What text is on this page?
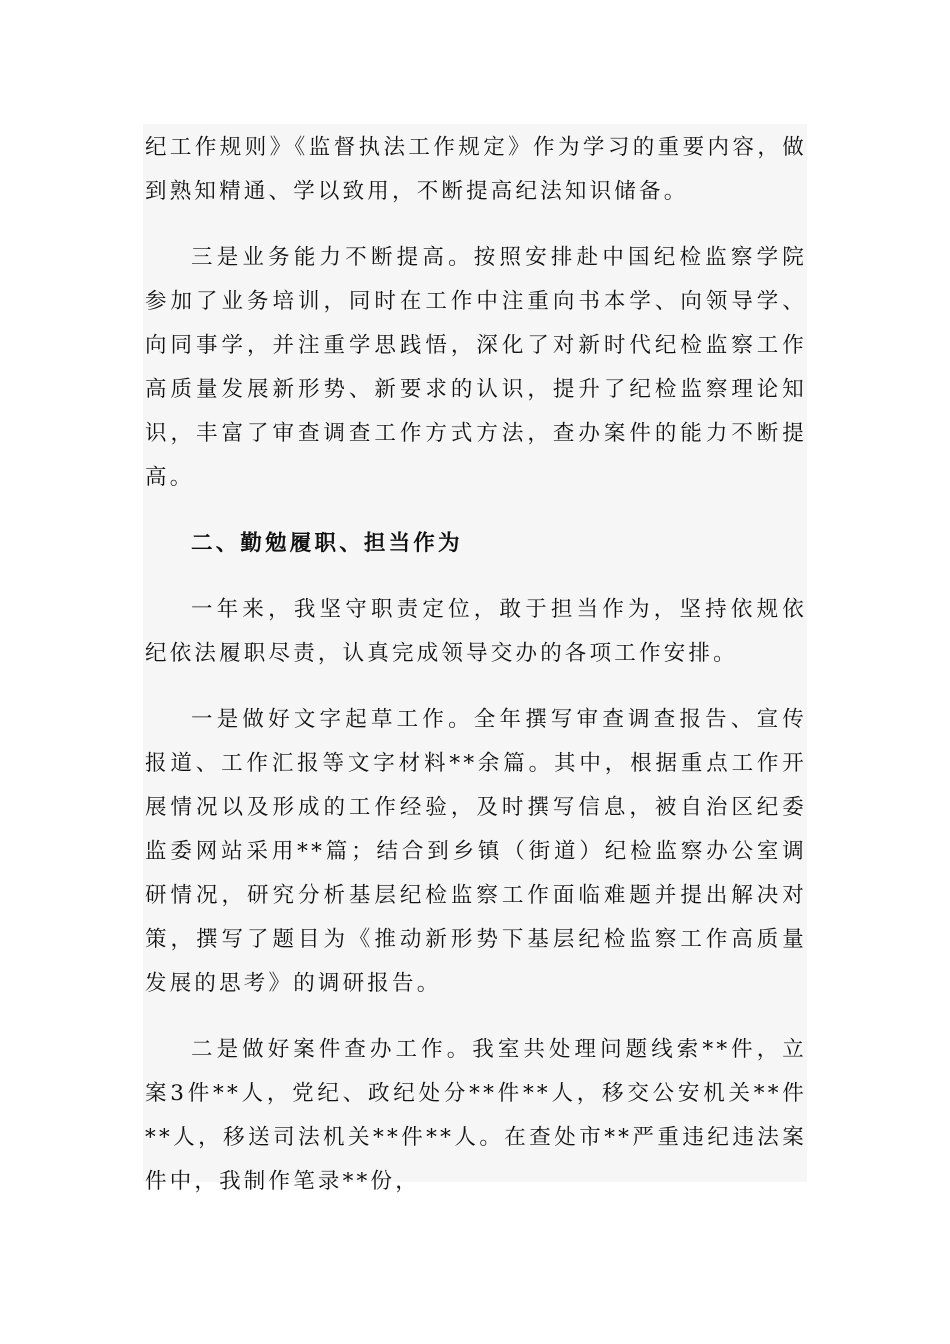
纪工作规则》《监督执法工作规定》作为学习的重要内容，做到熟知精通、学以致用，不断提高纪法知识储备。

三是业务能力不断提高。按照安排赴中国纪检监察学院参加了业务培训，同时在工作中注重向书本学、向领导学、向同事学，并注重学思践悟，深化了对新时代纪检监察工作高质量发展新形势、新要求的认识，提升了纪检监察理论知识，丰富了审查调查工作方式方法，查办案件的能力不断提高。

二、勤勉履职、担当作为

一年来，我坚守职责定位，敢于担当作为，坚持依规依纪依法履职尽责，认真完成领导交办的各项工作安排。

一是做好文字起草工作。全年撰写审查调查报告、宣传报道、工作汇报等文字材料**余篇。其中，根据重点工作开展情况以及形成的工作经验，及时撰写信息，被自治区纪委监委网站采用**篇；结合到乡镇（街道）纪检监察办公室调研情况，研究分析基层纪检监察工作面临难题并提出解决对策，撰写了题目为《推动新形势下基层纪检监察工作高质量发展的思考》的调研报告。

二是做好案件查办工作。我室共处理问题线索**件，立案3件**人，党纪、政纪处分**件**人，移交公安机关**件**人，移送司法机关**件**人。在查处市**严重违纪违法案件中，我制作笔录**份，
